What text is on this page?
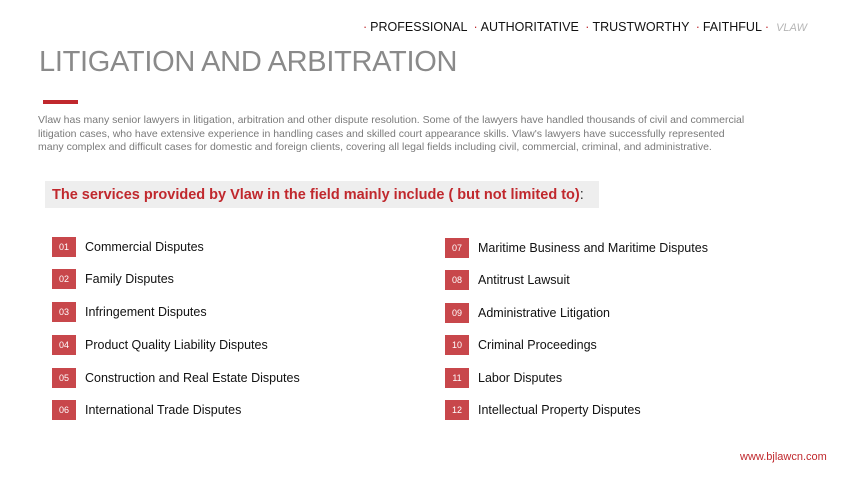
· PROFESSIONAL · AUTHORITATIVE · TRUSTWORTHY · FAITHFUL · VLAW
LITIGATION AND ARBITRATION
Vlaw has many senior lawyers in litigation, arbitration and other dispute resolution. Some of the lawyers have handled thousands of civil and commercial litigation cases, who have extensive experience in handling cases and skilled court appearance skills. Vlaw's lawyers have successfully represented many complex and difficult cases for domestic and foreign clients, covering all legal fields including civil, commercial, criminal, and administrative.
The services provided by Vlaw in the field mainly include ( but not limited to):
01	Commercial Disputes
02	Family Disputes
03	Infringement Disputes
04	Product Quality Liability Disputes
05	Construction and Real Estate Disputes
06	International Trade Disputes
07	Maritime Business and Maritime Disputes
08	Antitrust Lawsuit
09	Administrative Litigation
10	Criminal Proceedings
11	Labor Disputes
12	Intellectual Property Disputes
www.bjlawcn.com
